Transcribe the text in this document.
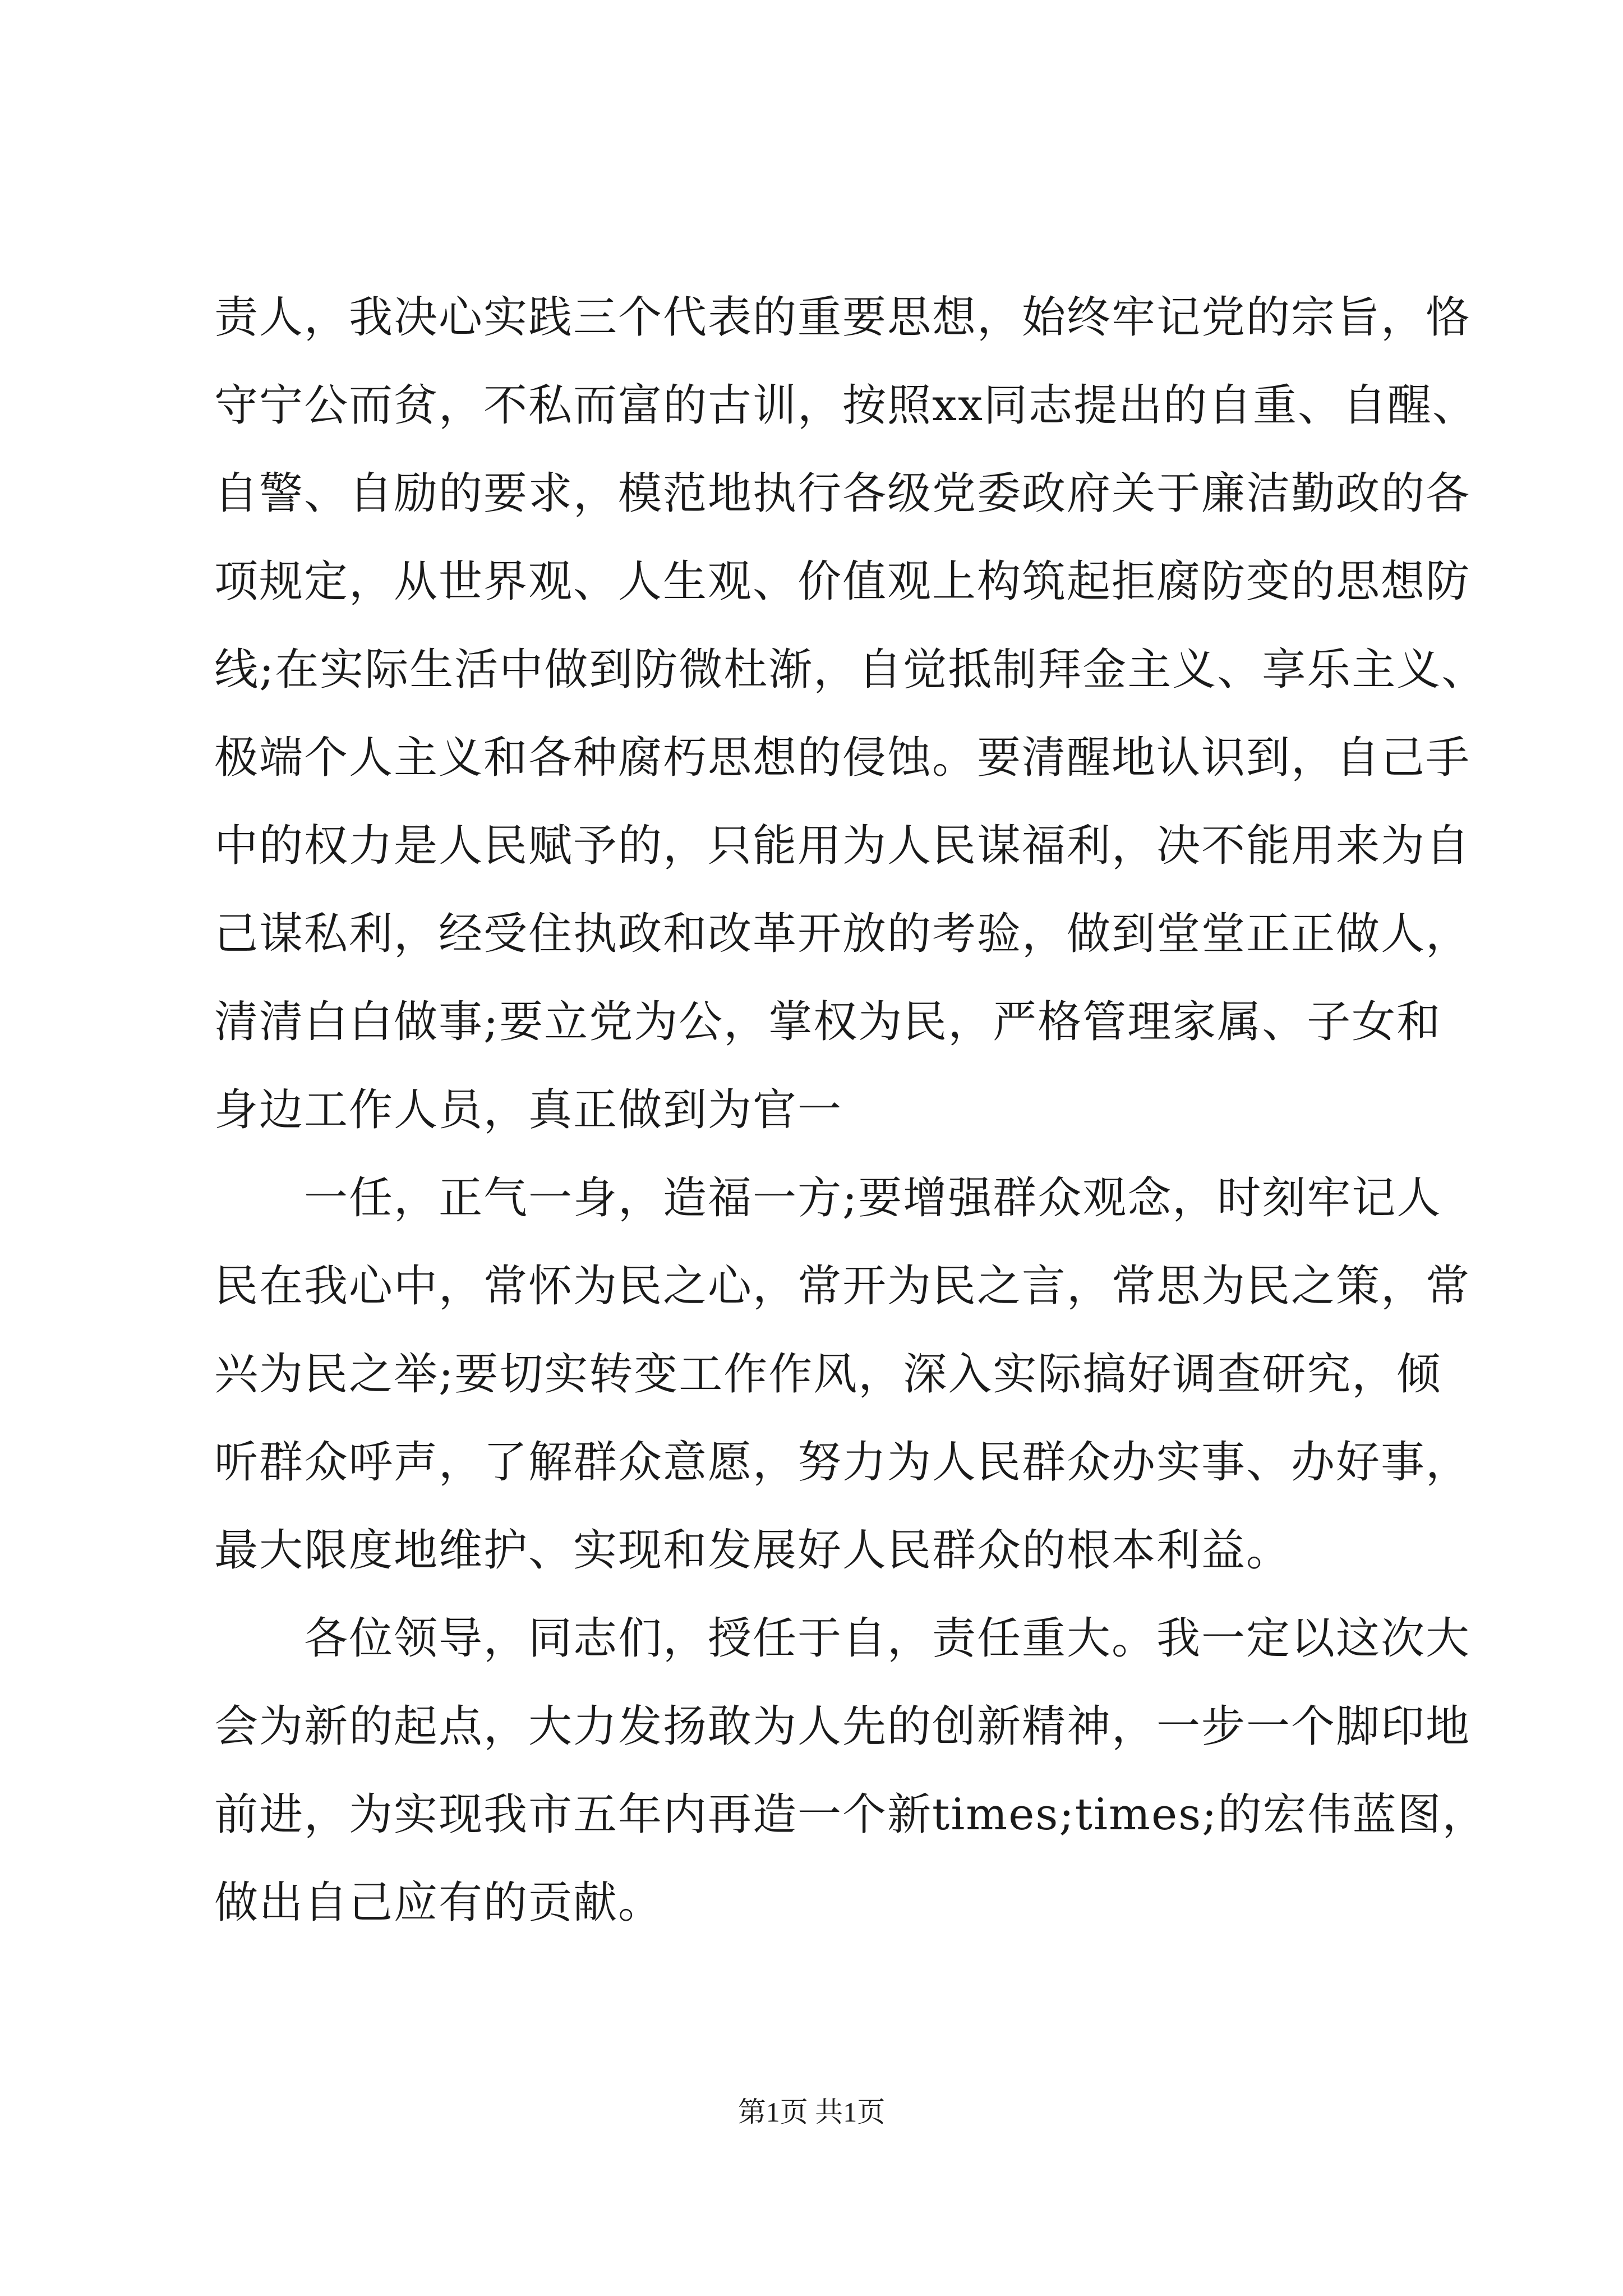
责人，我决心实践三个代表的重要思想，始终牢记党的宗旨，恪
守宁公而贫，不私而富的古训，按照xx同志提出的自重、自醒、
自警、自励的要求，模范地执行各级党委政府关于廉洁勤政的各
项规定，从世界观、人生观、价值观上构筑起拒腐防变的思想防
线;在实际生活中做到防微杜渐，自觉抵制拜金主义、享乐主义、
极端个人主义和各种腐朽思想的侵蚀。要清醒地认识到，自己手
中的权力是人民赋予的，只能用为人民谋福利，决不能用来为自
己谋私利，经受住执政和改革开放的考验，做到堂堂正正做人，
清清白白做事;要立党为公，掌权为民，严格管理家属、子女和
身边工作人员，真正做到为官一
　　一任，正气一身，造福一方;要增强群众观念，时刻牢记人
民在我心中，常怀为民之心，常开为民之言，常思为民之策，常
兴为民之举;要切实转变工作作风，深入实际搞好调查研究，倾
听群众呼声，了解群众意愿，努力为人民群众办实事、办好事，
最大限度地维护、实现和发展好人民群众的根本利益。
　　各位领导，同志们，授任于自，责任重大。我一定以这次大
会为新的起点，大力发扬敢为人先的创新精神，一步一个脚印地
前进，为实现我市五年内再造一个新times;times;的宏伟蓝图，
做出自己应有的贡献。
第1页 共1页
